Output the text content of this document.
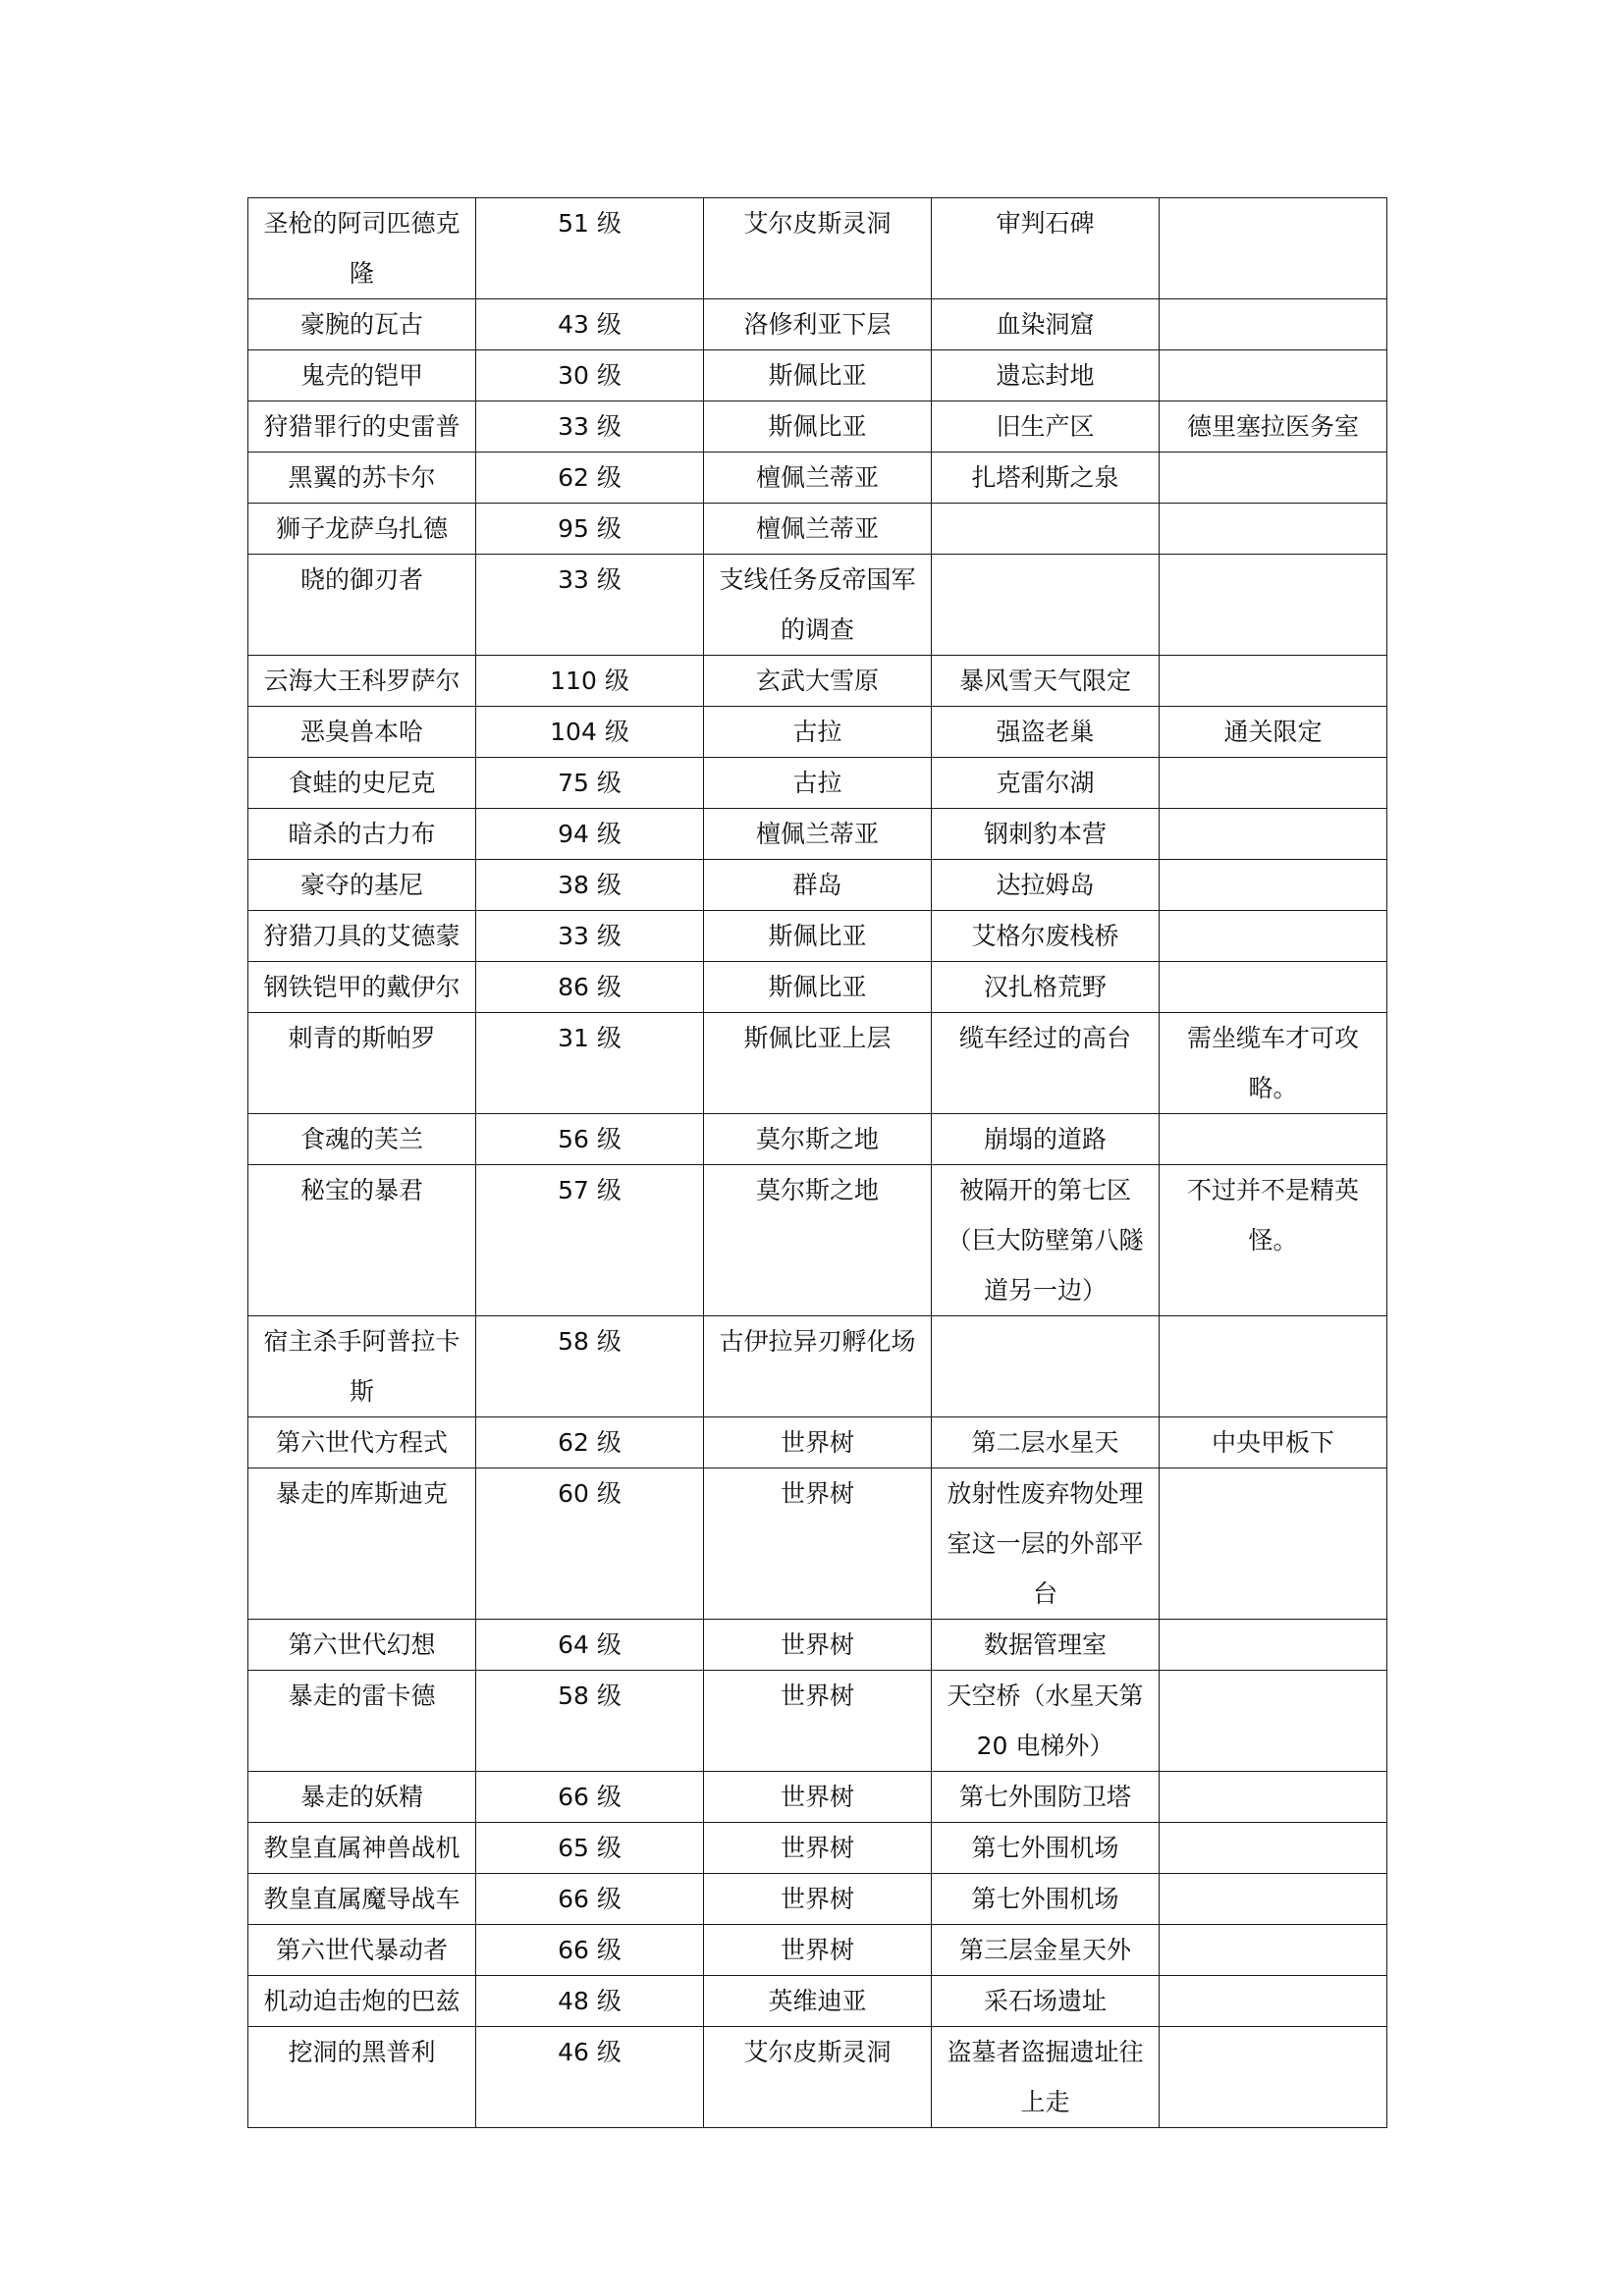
圣枪的阿司匹德克隆	51 级	艾尔皮斯灵洞	审判石碑	
豪腕的瓦古	43 级	洛修利亚下层	血染洞窟	
鬼壳的铠甲	30 级	斯佩比亚	遗忘封地	
狩猎罪行的史雷普	33 级	斯佩比亚	旧生产区	德里塞拉医务室
黑翼的苏卡尔	62 级	檀佩兰蒂亚	扎塔利斯之泉	
狮子龙萨乌扎德	95 级	檀佩兰蒂亚		
晓的御刃者	33 级	支线任务反帝国军的调查		
云海大王科罗萨尔	110 级	玄武大雪原	暴风雪天气限定	
恶臭兽本哈	104 级	古拉	强盗老巢	通关限定
食蛙的史尼克	75 级	古拉	克雷尔湖	
暗杀的古力布	94 级	檀佩兰蒂亚	钢刺豹本营	
豪夺的基尼	38 级	群岛	达拉姆岛	
狩猎刀具的艾德蒙	33 级	斯佩比亚	艾格尔废栈桥	
钢铁铠甲的戴伊尔	86 级	斯佩比亚	汉扎格荒野	
刺青的斯帕罗	31 级	斯佩比亚上层	缆车经过的高台	需坐缆车才可攻略。
食魂的芙兰	56 级	莫尔斯之地	崩塌的道路	
秘宝的暴君	57 级	莫尔斯之地	被隔开的第七区（巨大防壁第八隧道另一边）	不过并不是精英怪。
宿主杀手阿普拉卡斯	58 级	古伊拉异刃孵化场		
第六世代方程式	62 级	世界树	第二层水星天	中央甲板下
暴走的库斯迪克	60 级	世界树	放射性废弃物处理室这一层的外部平台	
第六世代幻想	64 级	世界树	数据管理室	
暴走的雷卡德	58 级	世界树	天空桥（水星天第 20 电梯外）	
暴走的妖精	66 级	世界树	第七外围防卫塔	
教皇直属神兽战机	65 级	世界树	第七外围机场	
教皇直属魔导战车	66 级	世界树	第七外围机场	
第六世代暴动者	66 级	世界树	第三层金星天外	
机动迫击炮的巴兹	48 级	英维迪亚	采石场遗址	
挖洞的黑普利	46 级	艾尔皮斯灵洞	盗墓者盗掘遗址往上走	
